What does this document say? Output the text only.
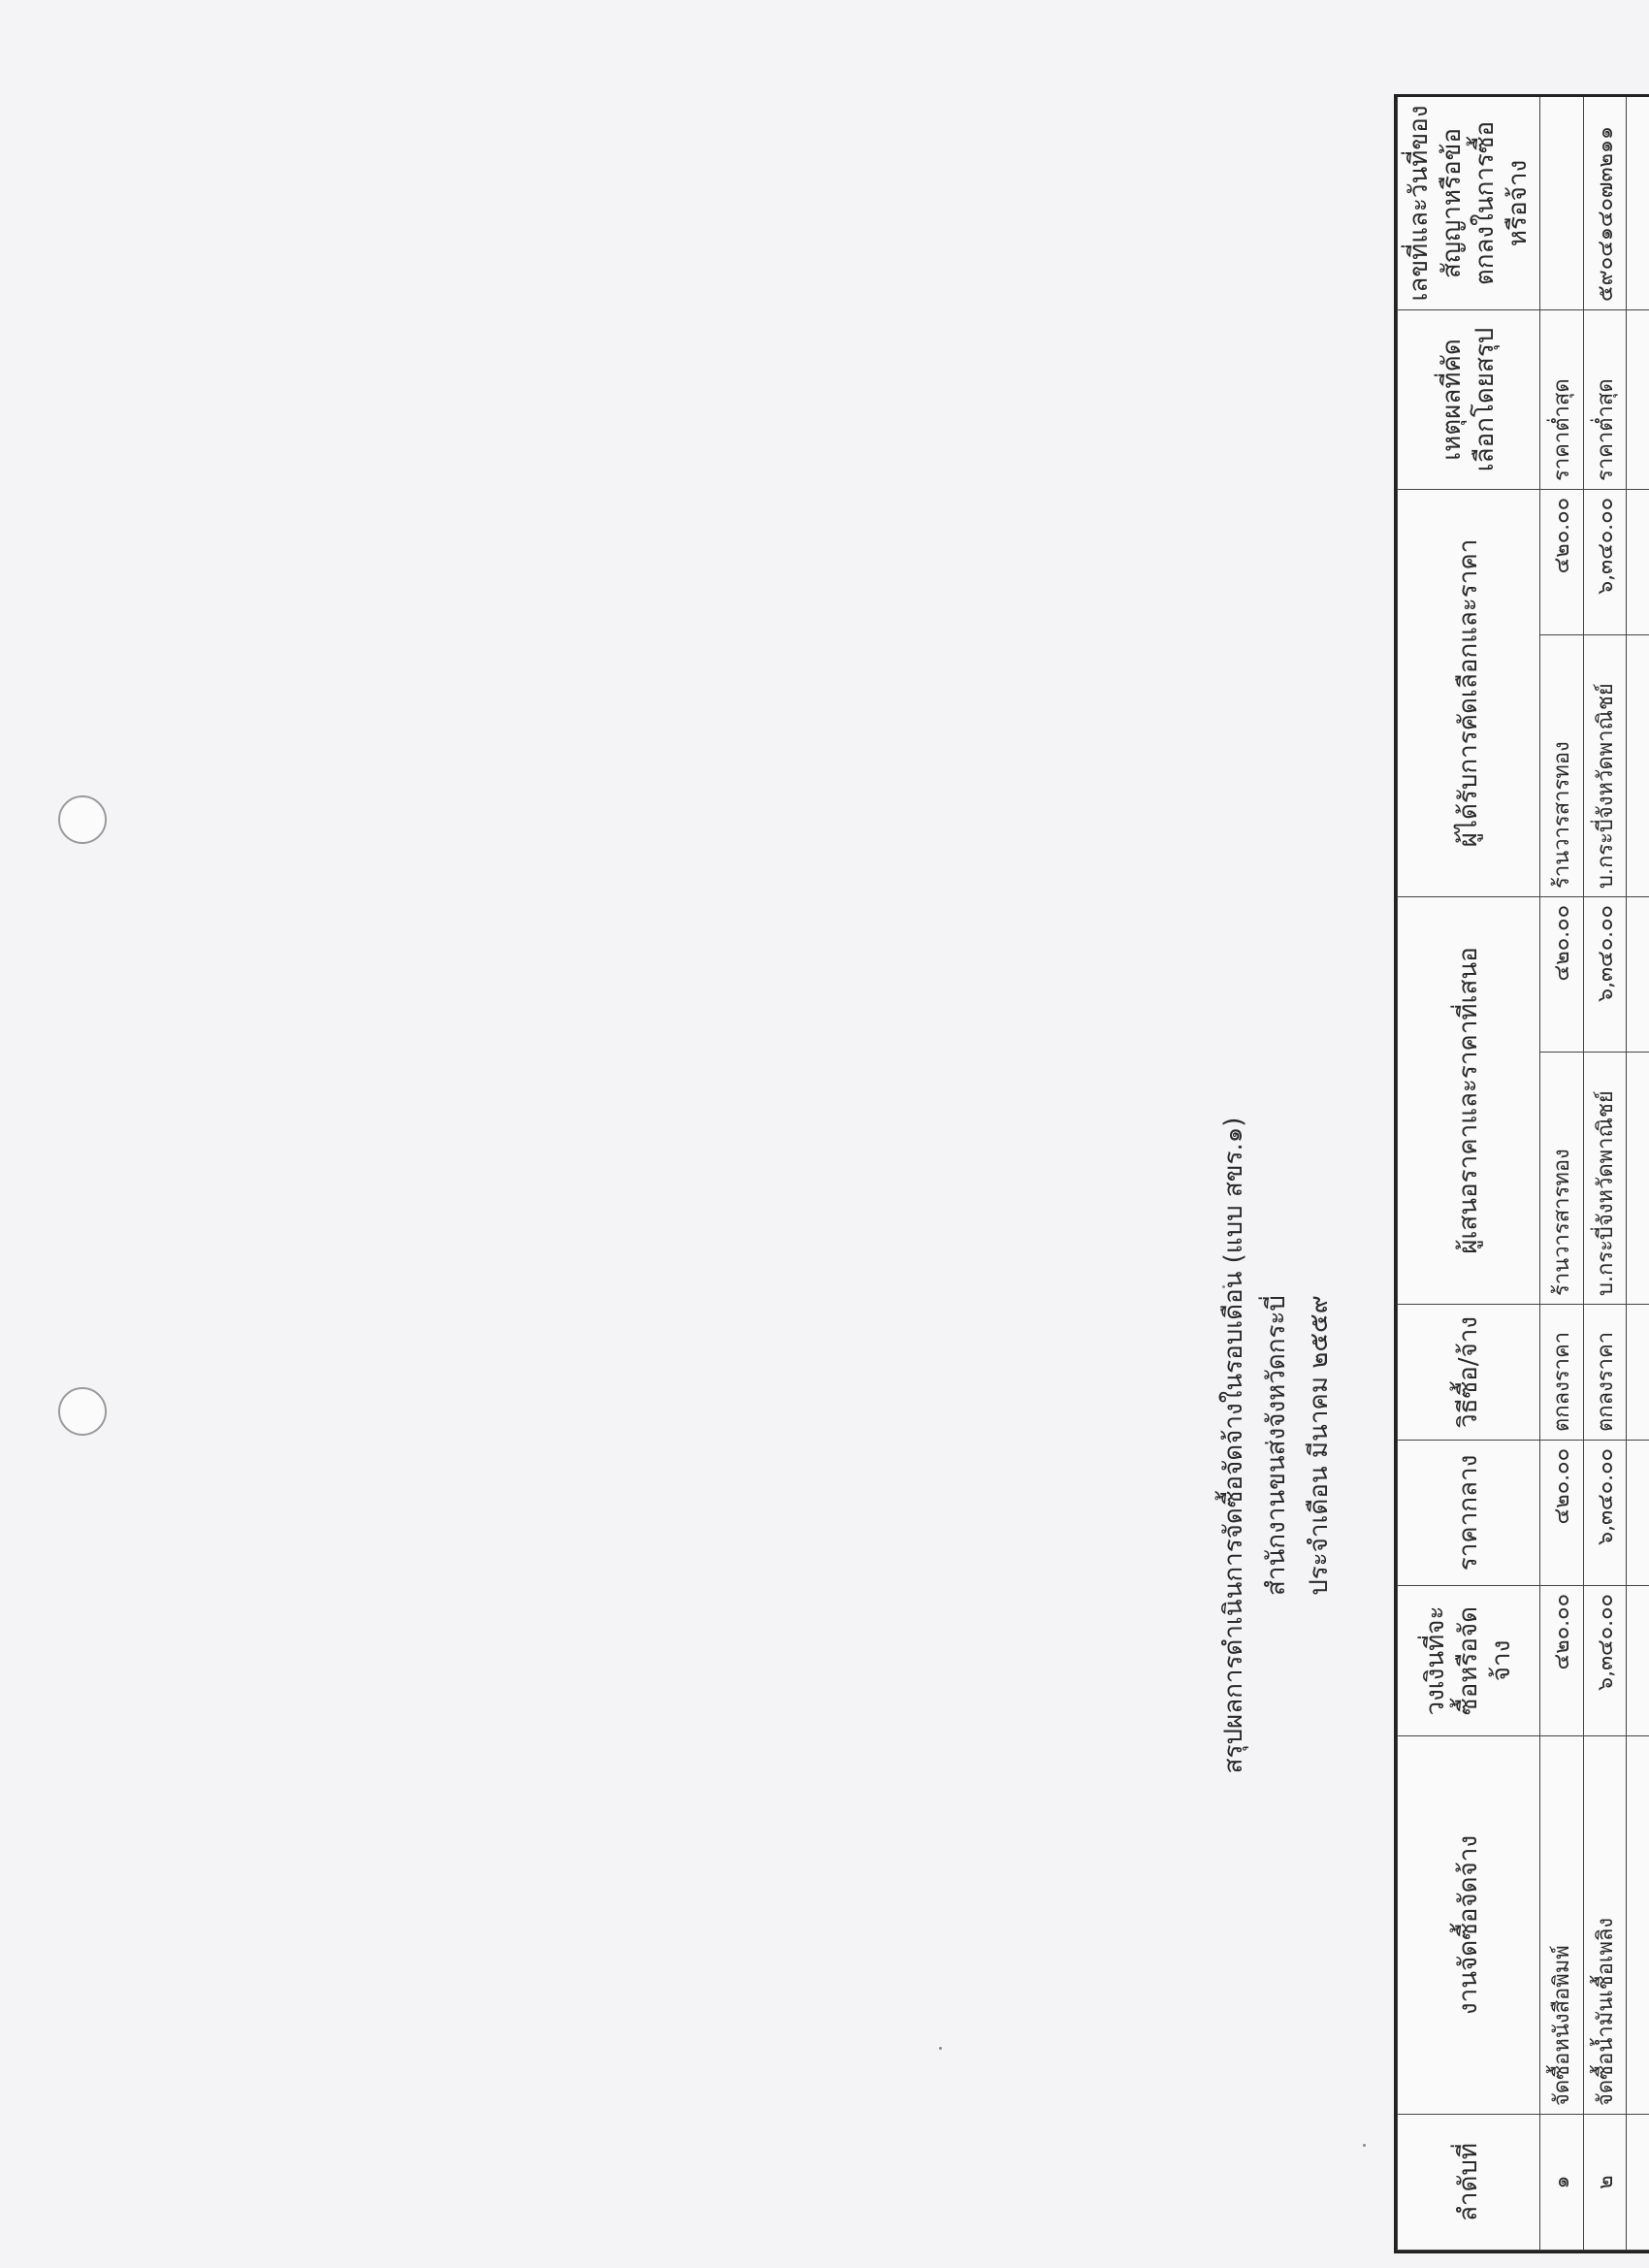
สรุปผลการดำเนินการจัดซื้อจัดจ้างในรอบเดือน (แบบ สขร.๑) สำนักงานขนส่งจังหวัดกระบี่ ประจำเดือน มีนาคม ๒๕๕๙
ลำดับที่	งานจัดซื้อจัดจ้าง	วงเงินที่จะซื้อหรือจัดจ้าง	ราคากลาง	วิธีซื้อ/จ้าง	ผู้เสนอราคาและราคาที่เสนอ		ผู้ได้รับการคัดเลือกและราคา		เหตุผลที่คัดเลือกโดยสรุป	เลขที่และวันที่ของสัญญาหรือข้อตกลงในการซื้อหรือจ้าง
๑	จัดซื้อหนังสือพิมพ์	๔๒๐.๐๐	๔๒๐.๐๐	ตกลงราคา	ร้านวารสารทอง	๔๒๐.๐๐	ร้านวารสารทอง	๔๒๐.๐๐	ราคาต่ำสุด	
๒	จัดซื้อน้ำมันเชื้อเพลิง	๖,๓๔๐.๐๐	๖,๓๔๐.๐๐	ตกลงราคา	บ.กระบี่จังหวัดพาณิชย์	๖,๓๔๐.๐๐	บ.กระบี่จังหวัดพาณิชย์	๖,๓๔๐.๐๐	ราคาต่ำสุด	๕๙๐๔๑๔๐๗๓๒๑๑
